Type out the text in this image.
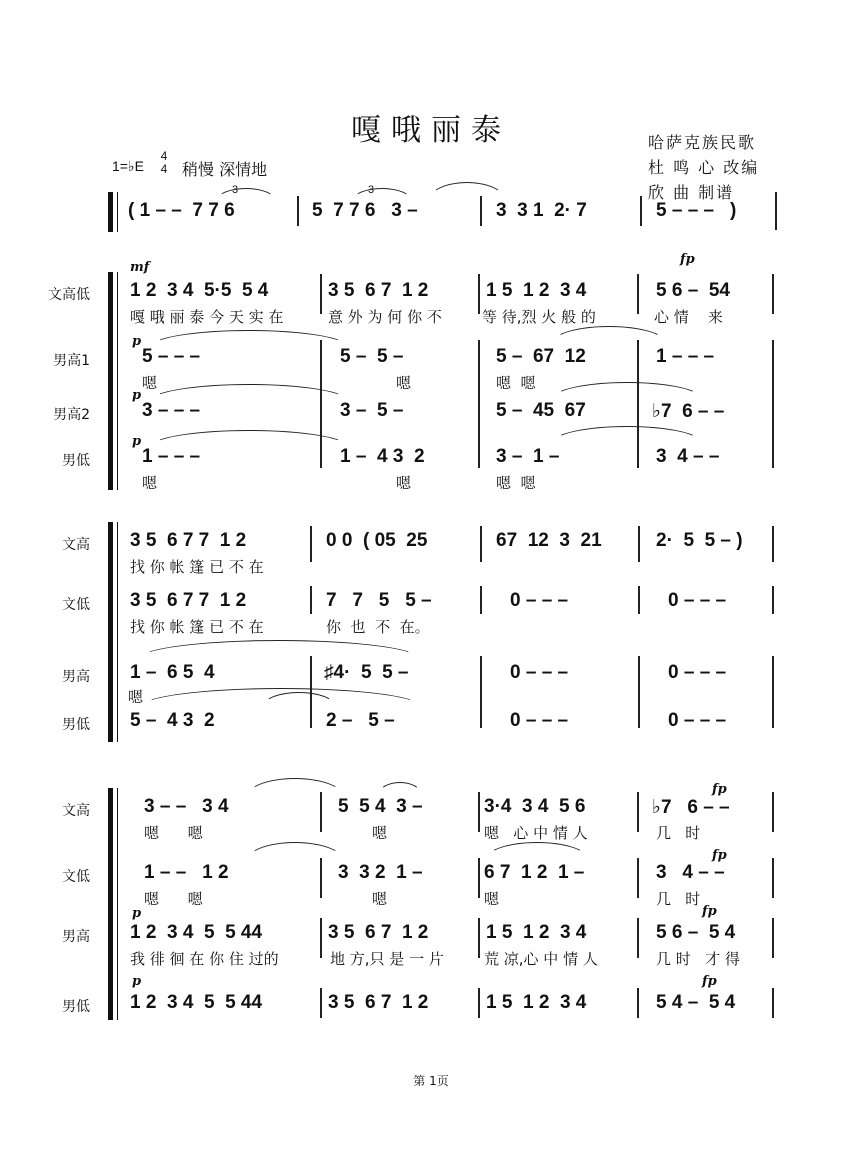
嘎哦丽泰	哈萨克族民歌
杜 鸣 心 改编
欣 曲 制谱
1=♭E
4
4 稍慢 深情地
( 1 – –  7 7 6	5  7 7 6   3 –	3  3 1  2· 7	5 – – –   )
3	3
mf
fp
文高低 1 2  3 4  5·5  5 4	3 5  6 7  1 2	1 5  1 2  3 4	5 6 –  54
嘎 哦 丽 泰 今 天 实 在	意 外 为 何 你 不	等 待,烈 火 般 的	心 情    来
男高1
p
5 – – –	5 –  5 –	5 –  67  12	1 – – –
嗯	嗯	嗯  嗯
男高2
p
3 – – –	3 –  5 –	5 –  45  67	♭7  6 – –
男低
p
1 – – –	1 –  4 3  2	3 –  1 –	3  4 – –
嗯	嗯	嗯  嗯
文高 3 5  6 7 7  1 2	0 0  ( 05  25	67  12  3  21	2·  5  5 – )
找 你 帐 篷 已 不 在
文低 3 5  6 7 7  1 2	7   7   5   5 –	0 – – –	0 – – –
找 你 帐 篷 已 不 在	你  也  不  在。
男高 1 –  6 5  4	♯4·  5  5 –	0 – – –	0 – – –
嗯
男低 5 –  4 3  2	2 –   5 –	0 – – –	0 – – –
文高	3 – –   3 4	5  5 4  3 –	3·4  3 4  5 6	♭7   6 – –
嗯      嗯	嗯	嗯   心 中 情 人	几   时
fp
文低	1 – –   1 2	3  3 2  1 –	6 7  1 2  1 –	3   4 – –
嗯      嗯	嗯	嗯	几   时
fp
男高
p
1 2  3 4  5  5 44	3 5  6 7  1 2	1 5  1 2  3 4	5 6 –  5 4
我 徘 徊 在 你 住 过的	地 方,只 是 一 片	荒 凉,心 中 情 人	几 时   才 得
fp
男低
p
1 2  3 4  5  5 44	3 5  6 7  1 2	1 5  1 2  3 4	5 4 –  5 4
fp
第 1页
